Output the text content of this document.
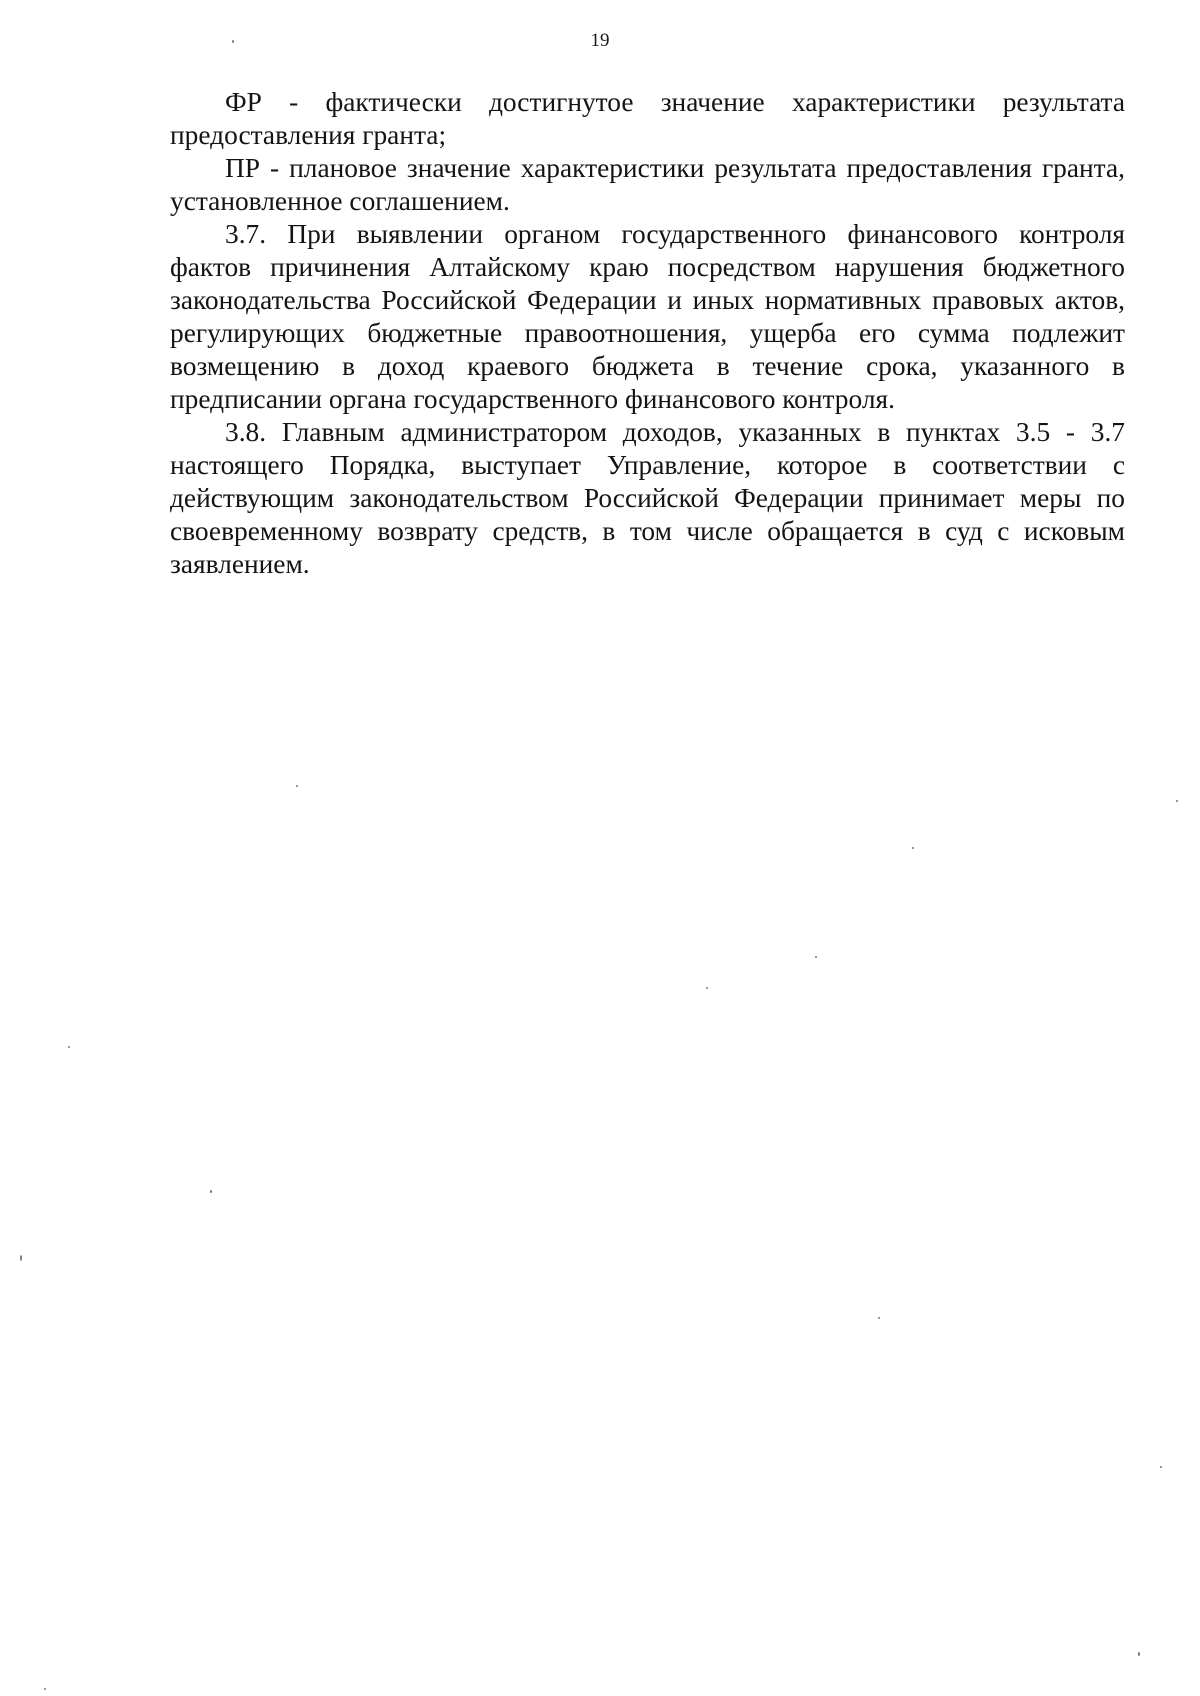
19

ФР - фактически достигнутое значение характеристики результата предоставления гранта;

ПР - плановое значение характеристики результата предоставления гранта, установленное соглашением.

3.7. При выявлении органом государственного финансового контроля фактов причинения Алтайскому краю посредством нарушения бюджетного законодательства Российской Федерации и иных нормативных правовых актов, регулирующих бюджетные правоотношения, ущерба его сумма подлежит возмещению в доход краевого бюджета в течение срока, указанного в предписании органа государственного финансового контроля.

3.8. Главным администратором доходов, указанных в пунктах 3.5 - 3.7 настоящего Порядка, выступает Управление, которое в соответствии с действующим законодательством Российской Федерации принимает меры по своевременному возврату средств, в том числе обращается в суд с исковым заявлением.
